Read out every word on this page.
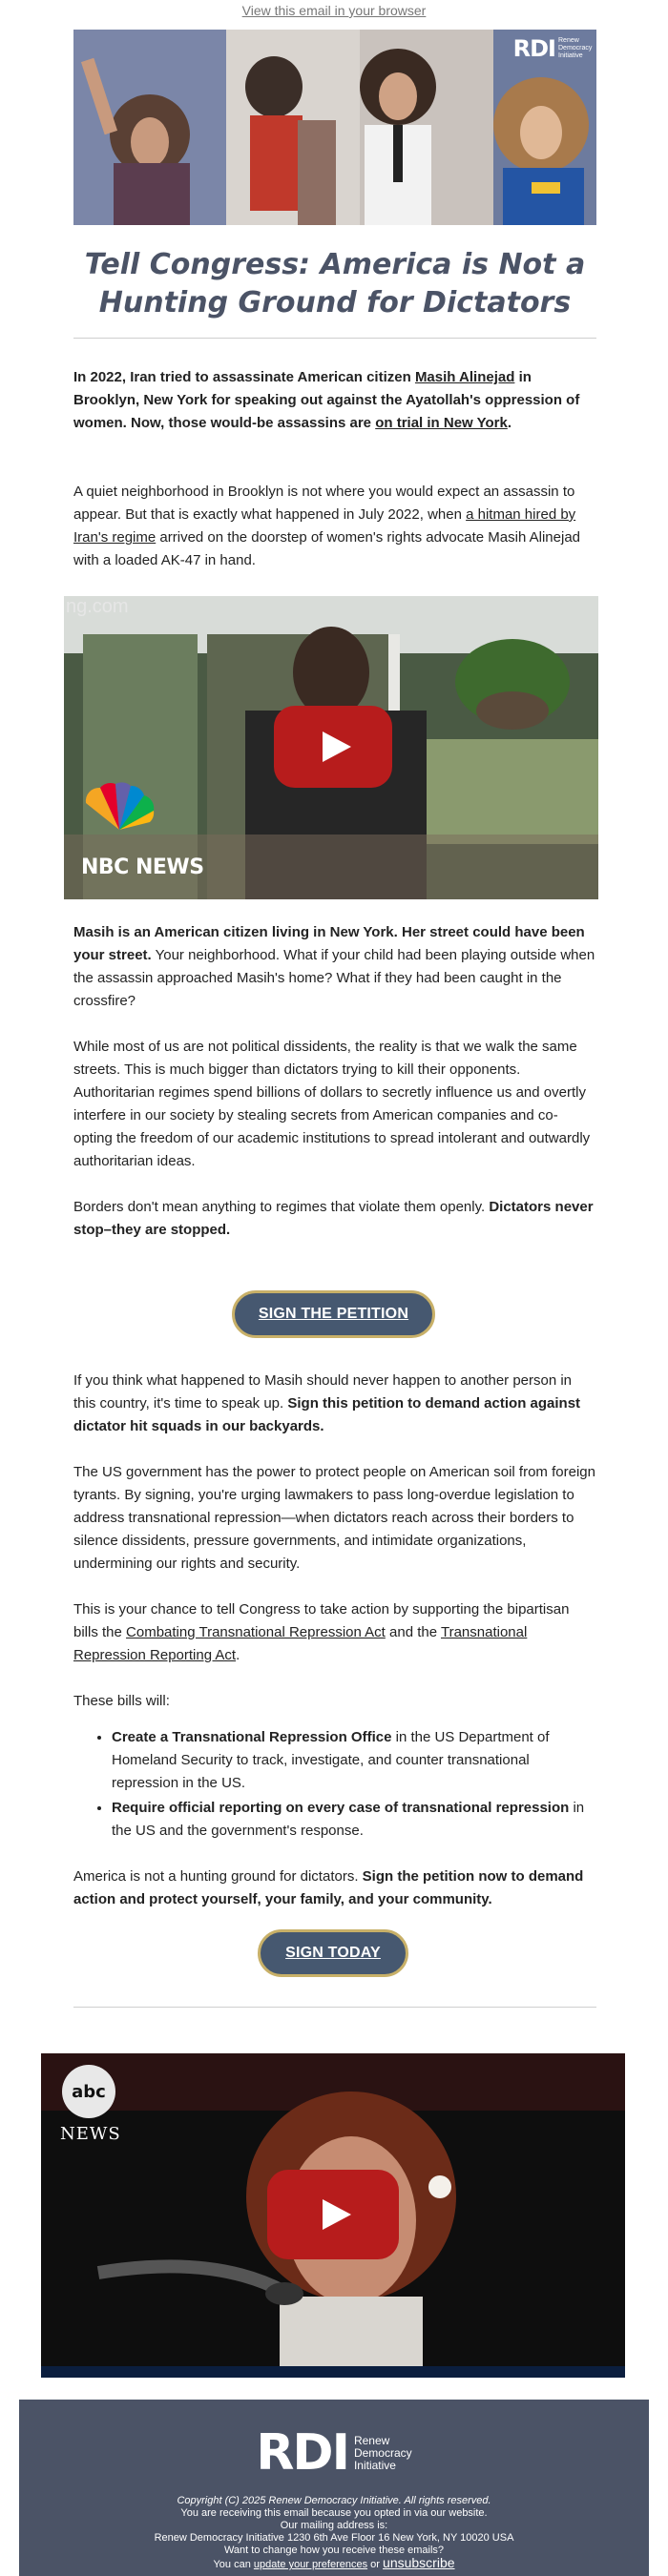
View this email in your browser
RDI Renew Democracy Initiative
Tell Congress: America is Not a Hunting Ground for Dictators
In 2022, Iran tried to assassinate American citizen Masih Alinejad in Brooklyn, New York for speaking out against the Ayatollah's oppression of women. Now, those would-be assassins are on trial in New York.
A quiet neighborhood in Brooklyn is not where you would expect an assassin to appear. But that is exactly what happened in July 2022, when a hitman hired by Iran's regime arrived on the doorstep of women's rights advocate Masih Alinejad with a loaded AK-47 in hand.
ng.com
NBC NEWS
Masih is an American citizen living in New York. Her street could have been your street. Your neighborhood. What if your child had been playing outside when the assassin approached Masih's home? What if they had been caught in the crossfire?
While most of us are not political dissidents, the reality is that we walk the same streets. This is much bigger than dictators trying to kill their opponents. Authoritarian regimes spend billions of dollars to secretly influence us and overtly interfere in our society by stealing secrets from American companies and co-opting the freedom of our academic institutions to spread intolerant and outwardly authoritarian ideas.
Borders don't mean anything to regimes that violate them openly. Dictators never stop–they are stopped.
SIGN THE PETITION
If you think what happened to Masih should never happen to another person in this country, it's time to speak up. Sign this petition to demand action against dictator hit squads in our backyards.
The US government has the power to protect people on American soil from foreign tyrants. By signing, you're urging lawmakers to pass long-overdue legislation to address transnational repression—when dictators reach across their borders to silence dissidents, pressure governments, and intimidate organizations, undermining our rights and security.
This is your chance to tell Congress to take action by supporting the bipartisan bills the Combating Transnational Repression Act and the Transnational Repression Reporting Act.
These bills will:
• Create a Transnational Repression Office in the US Department of Homeland Security to track, investigate, and counter transnational repression in the US.
• Require official reporting on every case of transnational repression in the US and the government's response.
America is not a hunting ground for dictators. Sign the petition now to demand action and protect yourself, your family, and your community.
SIGN TODAY
abc
NEWS
RDI Renew
Democracy
Initiative
Copyright (C) 2025 Renew Democracy Initiative. All rights reserved.
You are receiving this email because you opted in via our website.
Our mailing address is:
Renew Democracy Initiative 1230 6th Ave Floor 16 New York, NY 10020 USA
Want to change how you receive these emails?
You can update your preferences or unsubscribe
